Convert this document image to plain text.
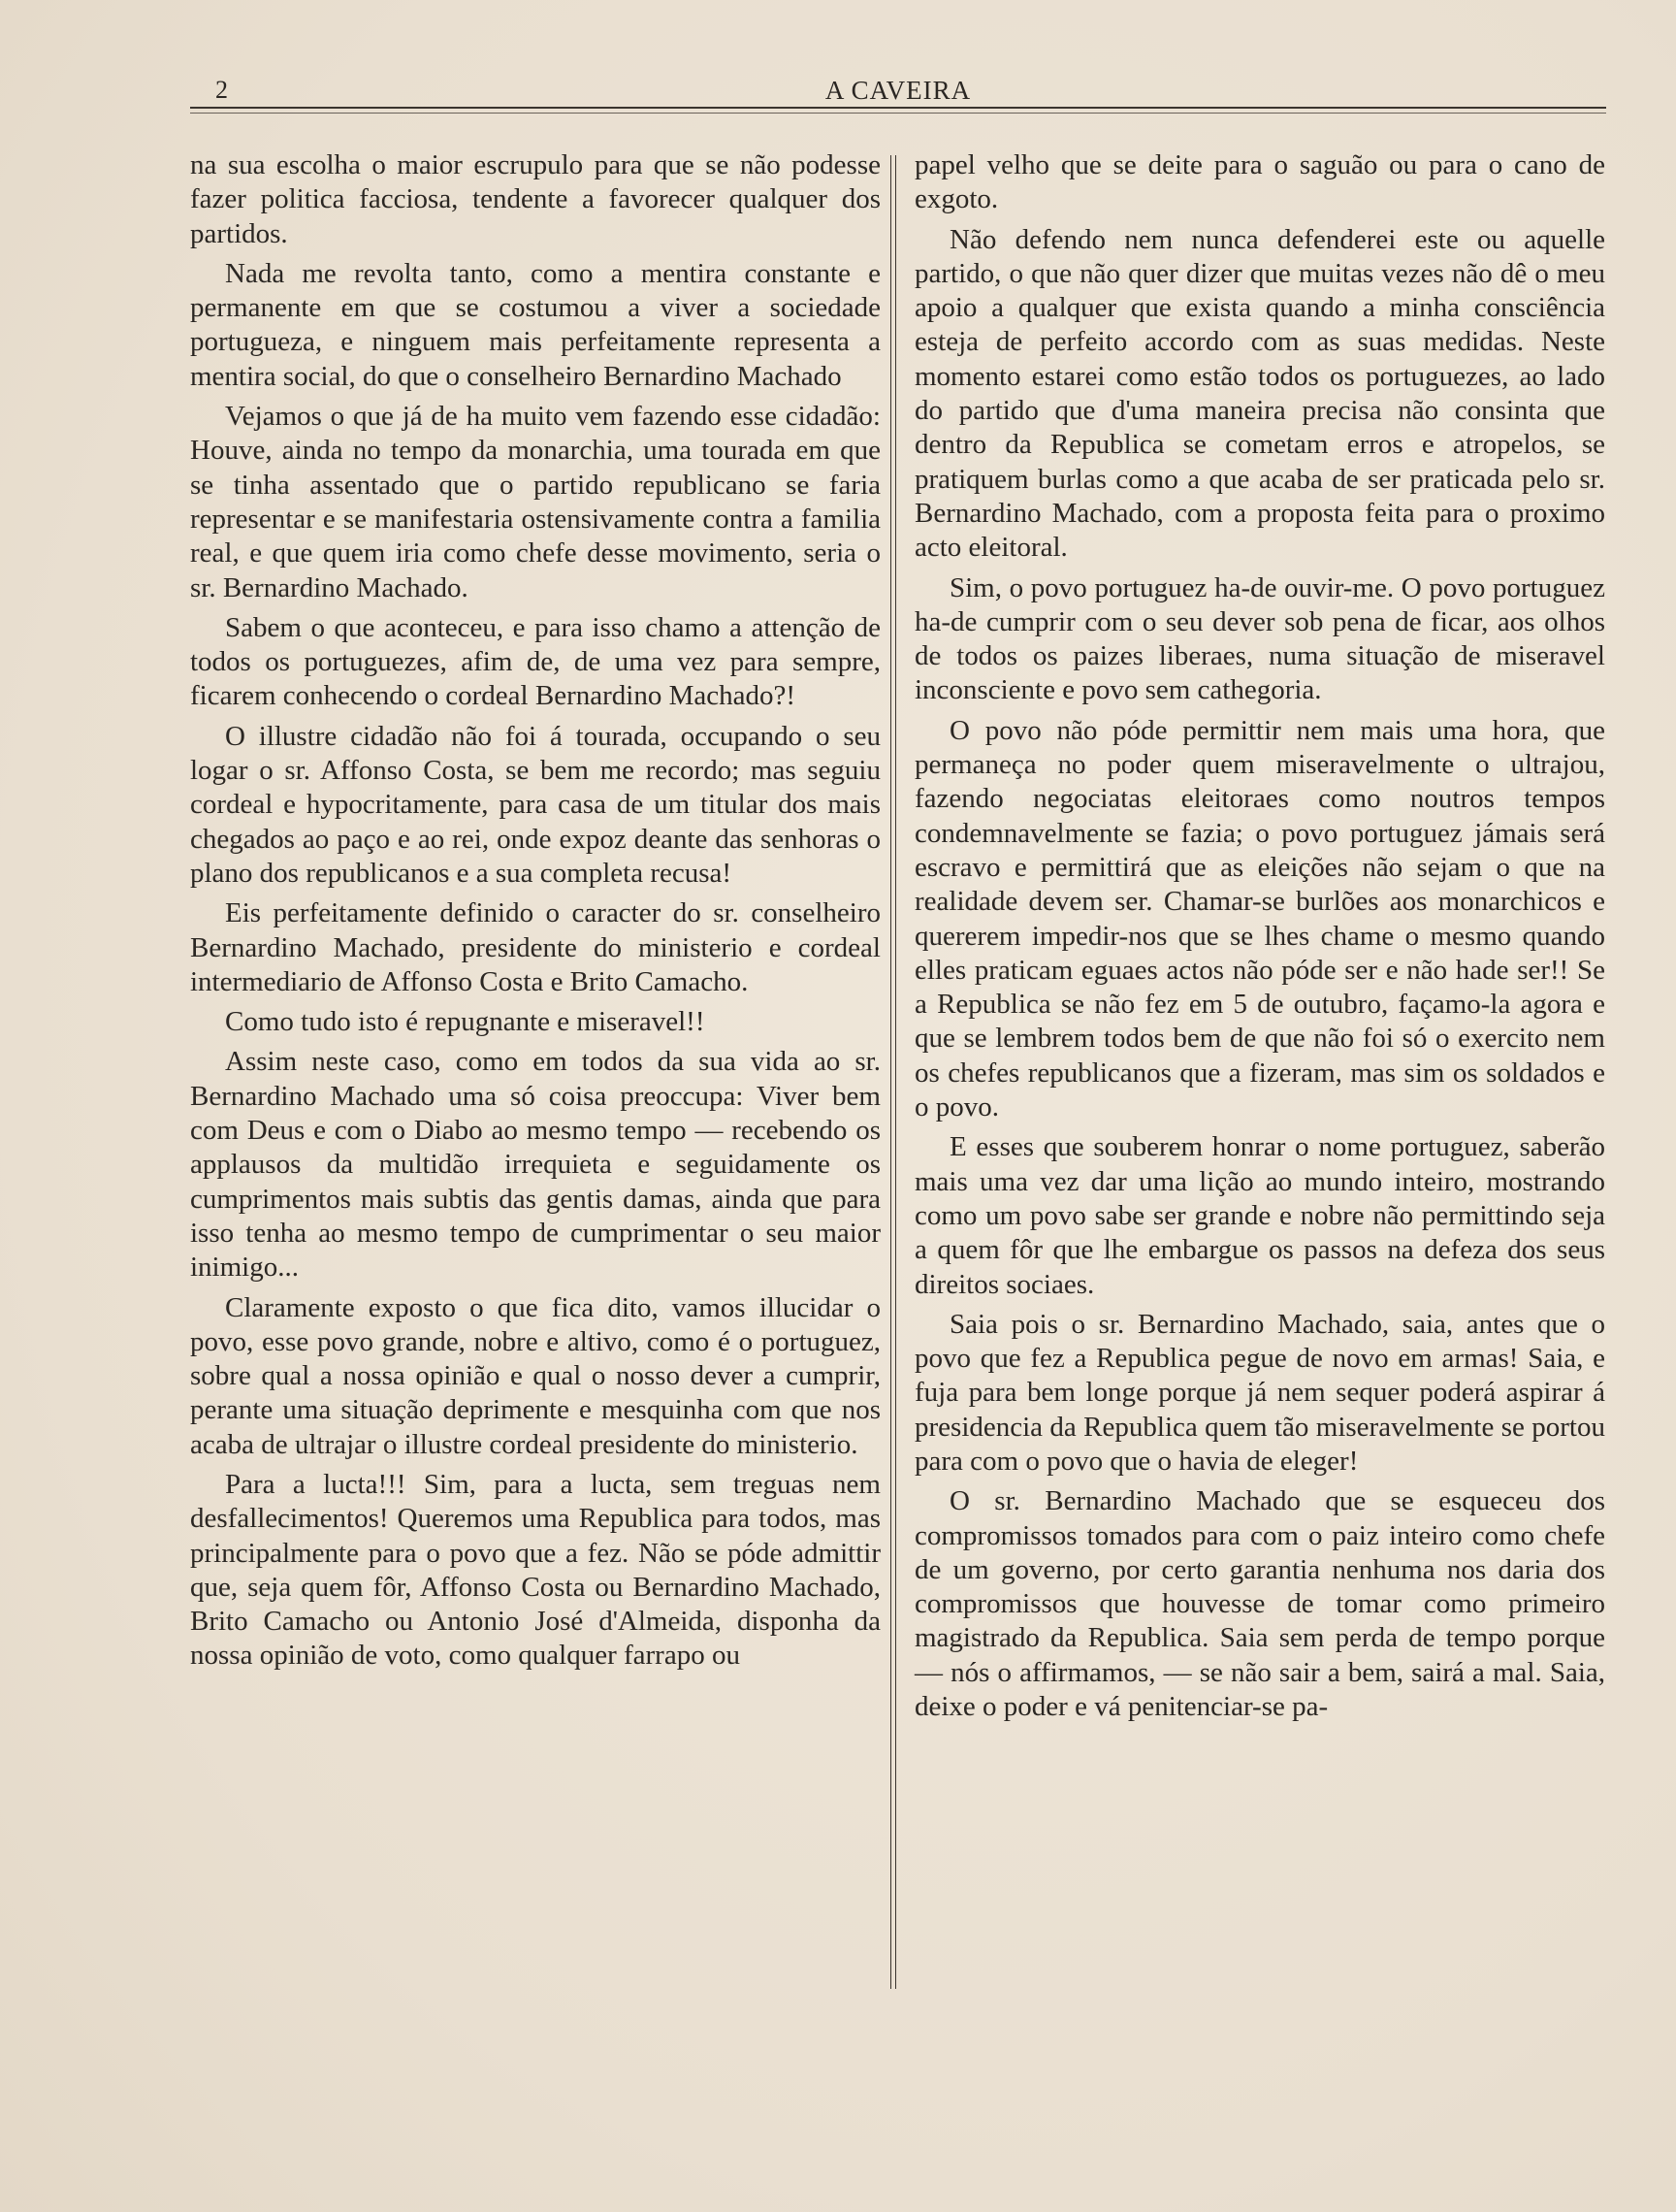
2	A CAVEIRA

na sua escolha o maior escrupulo para que se não podesse fazer politica facciosa, tendente a favorecer qualquer dos partidos.

Nada me revolta tanto, como a mentira constante e permanente em que se costumou a viver a sociedade portugueza, e ninguem mais perfeitamente representa a mentira social, do que o conselheiro Bernardino Machado

Vejamos o que já de ha muito vem fazendo esse cidadão: Houve, ainda no tempo da monarchia, uma tourada em que se tinha assentado que o partido republicano se faria representar e se manifestaria ostensivamente contra a familia real, e que quem iria como chefe desse movimento, seria o sr. Bernardino Machado.

Sabem o que aconteceu, e para isso chamo a attenção de todos os portuguezes, afim de, de uma vez para sempre, ficarem conhecendo o cordeal Bernardino Machado?!

O illustre cidadão não foi á tourada, occupando o seu logar o sr. Affonso Costa, se bem me recordo; mas seguiu cordeal e hypocritamente, para casa de um titular dos mais chegados ao paço e ao rei, onde expoz deante das senhoras o plano dos republicanos e a sua completa recusa!

Eis perfeitamente definido o caracter do sr. conselheiro Bernardino Machado, presidente do ministerio e cordeal intermediario de Affonso Costa e Brito Camacho.

Como tudo isto é repugnante e miseravel!!

Assim neste caso, como em todos da sua vida ao sr. Bernardino Machado uma só coisa preoccupa: Viver bem com Deus e com o Diabo ao mesmo tempo — recebendo os applausos da multidão irrequieta e seguidamente os cumprimentos mais subtis das gentis damas, ainda que para isso tenha ao mesmo tempo de cumprimentar o seu maior inimigo...

Claramente exposto o que fica dito, vamos illucidar o povo, esse povo grande, nobre e altivo, como é o portuguez, sobre qual a nossa opinião e qual o nosso dever a cumprir, perante uma situação deprimente e mesquinha com que nos acaba de ultrajar o illustre cordeal presidente do ministerio.

Para a lucta!!! Sim, para a lucta, sem treguas nem desfallecimentos! Queremos uma Republica para todos, mas principalmente para o povo que a fez. Não se póde admittir que, seja quem fôr, Affonso Costa ou Bernardino Machado, Brito Camacho ou Antonio José d'Almeida, disponha da nossa opinião de voto, como qualquer farrapo ou

papel velho que se deite para o saguão ou para o cano de exgoto.

Não defendo nem nunca defenderei este ou aquelle partido, o que não quer dizer que muitas vezes não dê o meu apoio a qualquer que exista quando a minha consciência esteja de perfeito accordo com as suas medidas. Neste momento estarei como estão todos os portuguezes, ao lado do partido que d'uma maneira precisa não consinta que dentro da Republica se cometam erros e atropelos, se pratiquem burlas como a que acaba de ser praticada pelo sr. Bernardino Machado, com a proposta feita para o proximo acto eleitoral.

Sim, o povo portuguez ha-de ouvir-me. O povo portuguez ha-de cumprir com o seu dever sob pena de ficar, aos olhos de todos os paizes liberaes, numa situação de miseravel inconsciente e povo sem cathegoria.

O povo não póde permittir nem mais uma hora, que permaneça no poder quem miseravelmente o ultrajou, fazendo negociatas eleitoraes como noutros tempos condemnavelmente se fazia; o povo portuguez jámais será escravo e permittirá que as eleições não sejam o que na realidade devem ser. Chamar-se burlões aos monarchicos e quererem impedir-nos que se lhes chame o mesmo quando elles praticam eguaes actos não póde ser e não hade ser!! Se a Republica se não fez em 5 de outubro, façamo-la agora e que se lembrem todos bem de que não foi só o exercito nem os chefes republicanos que a fizeram, mas sim os soldados e o povo.

E esses que souberem honrar o nome portuguez, saberão mais uma vez dar uma lição ao mundo inteiro, mostrando como um povo sabe ser grande e nobre não permittindo seja a quem fôr que lhe embargue os passos na defeza dos seus direitos sociaes.

Saia pois o sr. Bernardino Machado, saia, antes que o povo que fez a Republica pegue de novo em armas! Saia, e fuja para bem longe porque já nem sequer poderá aspirar á presidencia da Republica quem tão miseravelmente se portou para com o povo que o havia de eleger!

O sr. Bernardino Machado que se esqueceu dos compromissos tomados para com o paiz inteiro como chefe de um governo, por certo garantia nenhuma nos daria dos compromissos que houvesse de tomar como primeiro magistrado da Republica. Saia sem perda de tempo porque — nós o affirmamos, — se não sair a bem, sairá a mal. Saia, deixe o poder e vá penitenciar-se pa-
